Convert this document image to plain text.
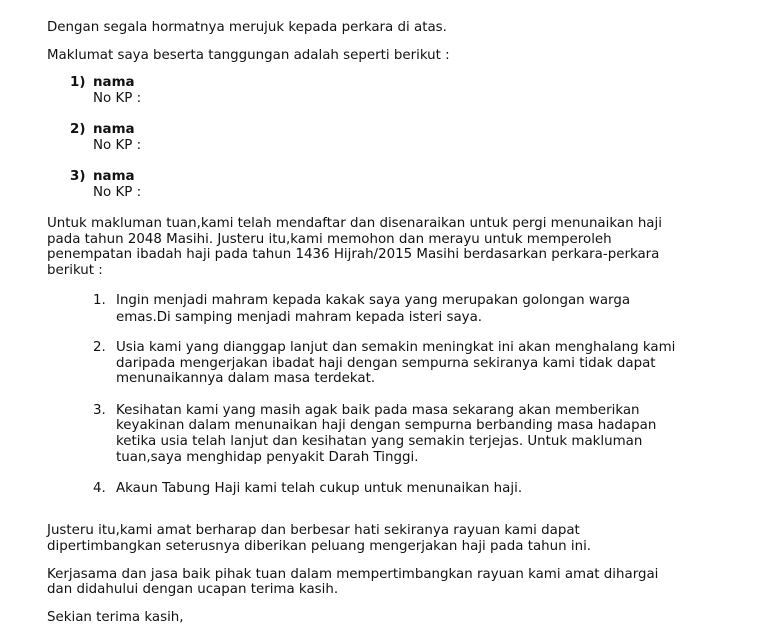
Dengan segala hormatnya merujuk kepada perkara di atas.

Maklumat saya beserta tanggungan adalah seperti berikut :

1) nama
No KP :
2) nama
No KP :
3) nama
No KP :

Untuk makluman tuan,kami telah mendaftar dan disenaraikan untuk pergi menunaikan haji

pada tahun 2048 Masihi. Justeru itu,kami memohon dan merayu untuk memperoleh

penempatan ibadah haji pada tahun 1436 Hijrah/2015 Masihi berdasarkan perkara-perkara

berikut :

1. Ingin menjadi mahram kepada kakak saya yang merupakan golongan warga
emas.Di samping menjadi mahram kepada isteri saya.
2. Usia kami yang dianggap lanjut dan semakin meningkat ini akan menghalang kami
daripada mengerjakan ibadat haji dengan sempurna sekiranya kami tidak dapat
menunaikannya dalam masa terdekat.
3. Kesihatan kami yang masih agak baik pada masa sekarang akan memberikan
keyakinan dalam menunaikan haji dengan sempurna berbanding masa hadapan
ketika usia telah lanjut dan kesihatan yang semakin terjejas. Untuk makluman
tuan,saya menghidap penyakit Darah Tinggi.
4. Akaun Tabung Haji kami telah cukup untuk menunaikan haji.

Justeru itu,kami amat berharap dan berbesar hati sekiranya rayuan kami dapat

dipertimbangkan seterusnya diberikan peluang mengerjakan haji pada tahun ini.

Kerjasama dan jasa baik pihak tuan dalam mempertimbangkan rayuan kami amat dihargai

dan didahului dengan ucapan terima kasih.

Sekian terima kasih,
